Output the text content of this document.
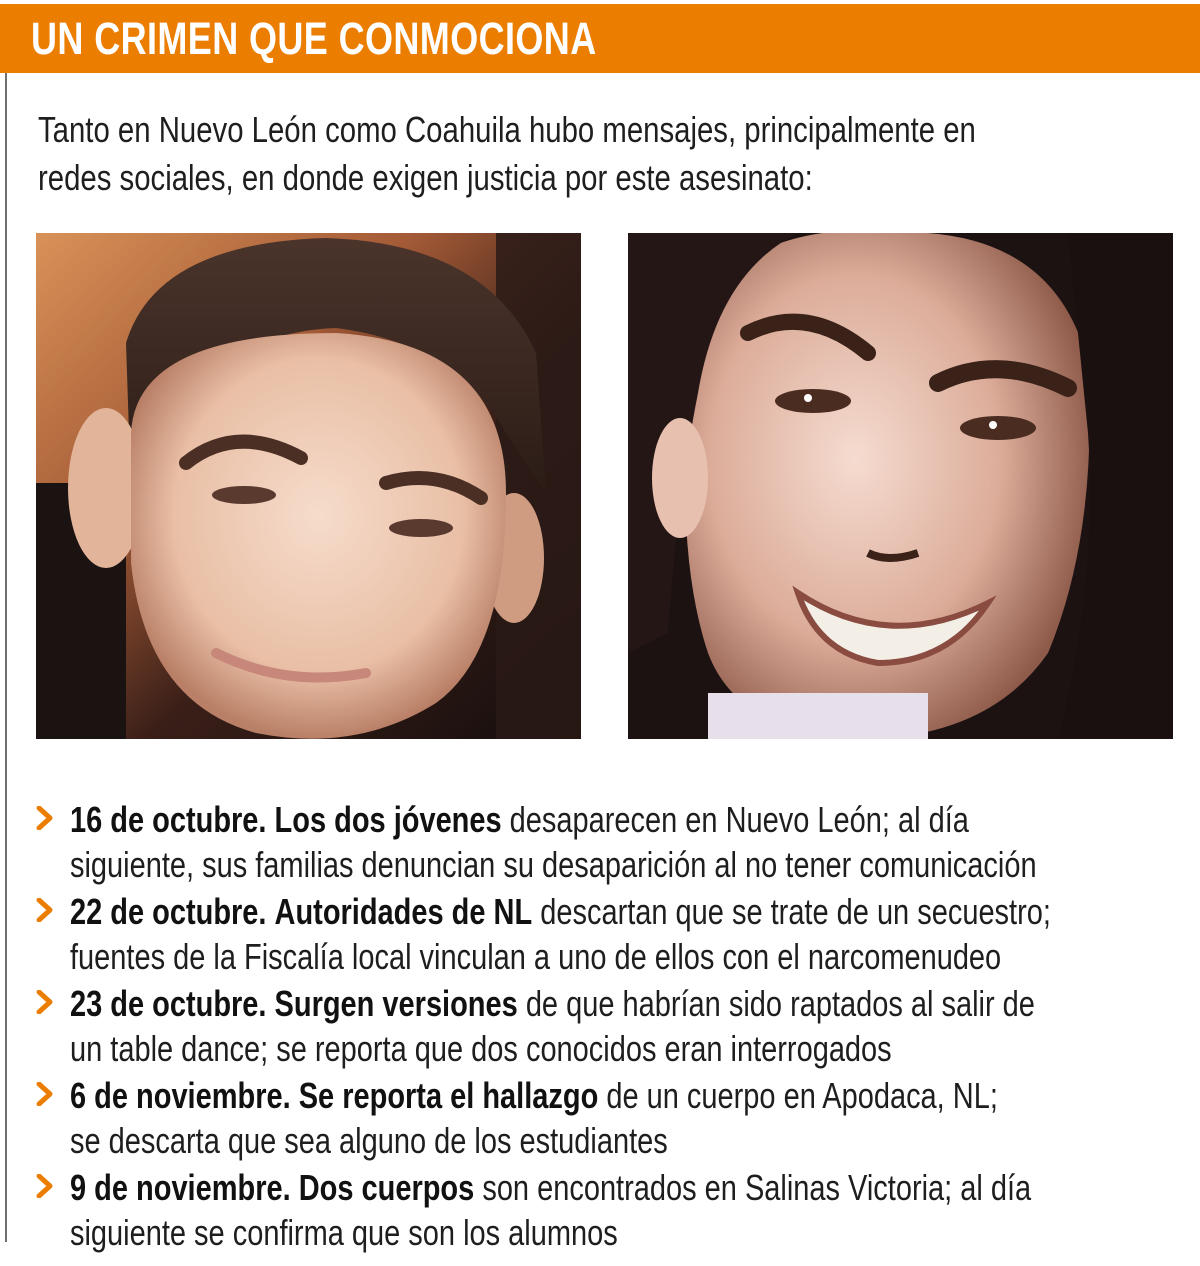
UN CRIMEN QUE CONMOCIONA

Tanto en Nuevo León como Coahuila hubo mensajes, principalmente en
redes sociales, en donde exigen justicia por este asesinato:

16 de octubre. Los dos jóvenes desaparecen en Nuevo León; al día
siguiente, sus familias denuncian su desaparición al no tener comunicación
22 de octubre. Autoridades de NL descartan que se trate de un secuestro;
fuentes de la Fiscalía local vinculan a uno de ellos con el narcomenudeo
23 de octubre. Surgen versiones de que habrían sido raptados al salir de
un table dance; se reporta que dos conocidos eran interrogados
6 de noviembre. Se reporta el hallazgo de un cuerpo en Apodaca, NL;
se descarta que sea alguno de los estudiantes
9 de noviembre. Dos cuerpos son encontrados en Salinas Victoria; al día
siguiente se confirma que son los alumnos
